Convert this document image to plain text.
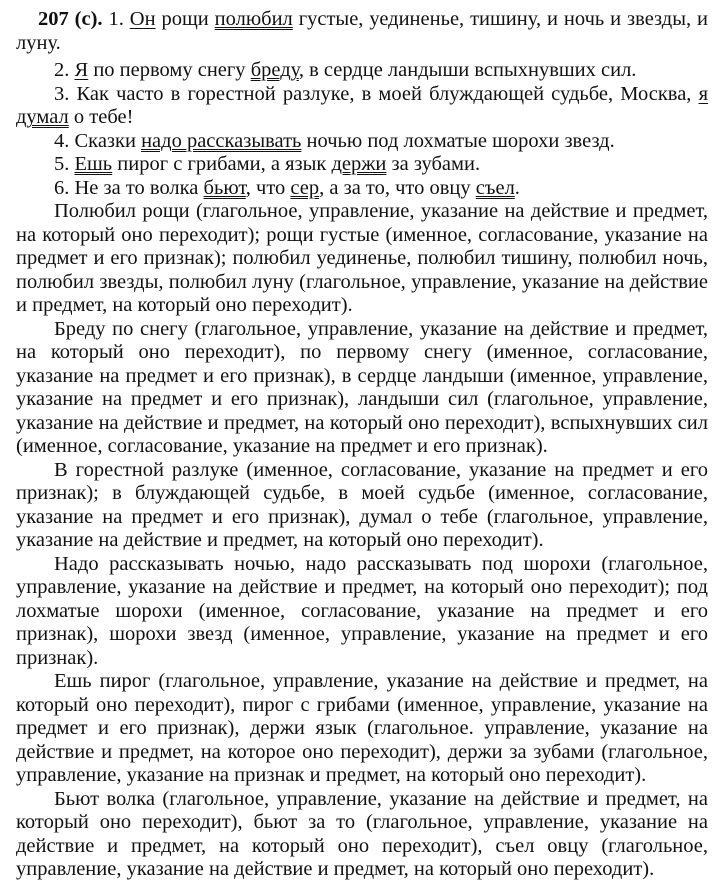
207 (с). 1. Он рощи полюбил густые, уединенье, тишину, и ночь и звезды, и луну.

2. Я по первому снегу бреду, в сердце ландыши вспыхнувших сил.

3. Как часто в горестной разлуке, в моей блуждающей судьбе, Москва, я думал о тебе!

4. Сказки надо рассказывать ночью под лохматые шорохи звезд.

5. Ешь пирог с грибами, а язык держи за зубами.

6. Не за то волка бьют, что сер, а за то, что овцу съел.

Полюбил рощи (глагольное, управление, указание на действие и предмет, на который оно переходит); рощи густые (именное, согласование, указание на предмет и его признак); полюбил уединенье, полюбил тишину, полюбил ночь, полюбил звезды, полюбил луну (глагольное, управление, указание на действие и предмет, на который оно переходит).

Бреду по снегу (глагольное, управление, указание на действие и предмет, на который оно переходит), по первому снегу (именное, согласование, указание на предмет и его признак), в сердце ландыши (именное, управление, указание на предмет и его признак), ландыши сил (глагольное, управление, указание на действие и предмет, на который оно переходит), вспыхнувших сил (именное, согласование, указание на предмет и его признак).

В горестной разлуке (именное, согласование, указание на предмет и его признак); в блуждающей судьбе, в моей судьбе (именное, согласование, указание на предмет и его признак), думал о тебе (глагольное, управление, указание на действие и предмет, на который оно переходит).

Надо рассказывать ночью, надо рассказывать под шорохи (глагольное, управление, указание на действие и предмет, на который оно переходит); под лохматые шорохи (именное, согласование, указание на предмет и его признак), шорохи звезд (именное, управление, указание на предмет и его признак).

Ешь пирог (глагольное, управление, указание на действие и предмет, на который оно переходит), пирог с грибами (именное, управление, указание на предмет и его признак), держи язык (глагольное. управление, указание на действие и предмет, на которое оно переходит), держи за зубами (глагольное, управление, указание на признак и предмет, на который оно переходит).

Бьют волка (глагольное, управление, указание на действие и предмет, на который оно переходит), бьют за то (глагольное, управление, указание на действие и предмет, на который оно переходит), съел овцу (глагольное, управление, указание на действие и предмет, на который оно переходит).
